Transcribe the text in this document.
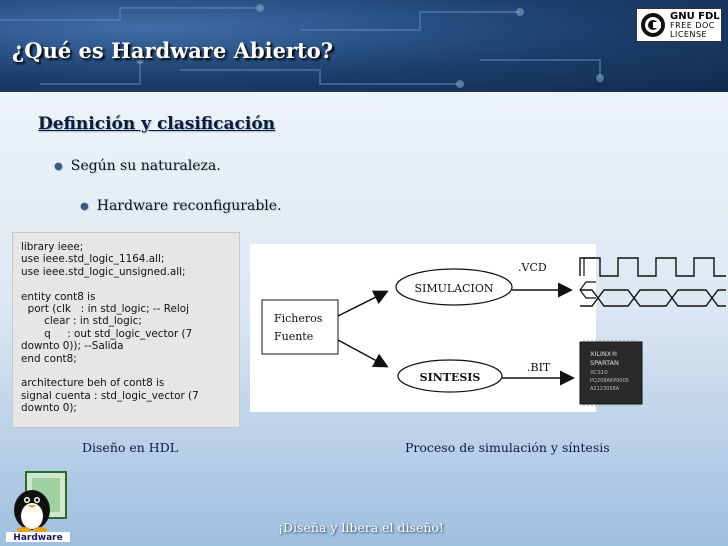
¿Qué es Hardware Abierto?
GNU FDL
FREE DOC
LICENSE
Definición y clasificación
● Según su naturaleza.
● Hardware reconfigurable.
library ieee;
use ieee.std_logic_1164.all;
use ieee.std_logic_unsigned.all;

entity cont8 is
port (clk   : in std_logic; -- Reloj
clear : in std_logic;
q     : out std_logic_vector (7
downto 0)); --Salida
end cont8;

architecture beh of cont8 is
signal cuenta : std_logic_vector (7
downto 0);
Ficheros
Fuente
SIMULACION
SINTESIS
.VCD
.BIT
XILINX®
SPARTAN
XCS10
PQ208AKP0005
A2123058A
Diseño en HDL	Proceso de simulación y síntesis
Hardware
¡Diseña y libera el diseño!
